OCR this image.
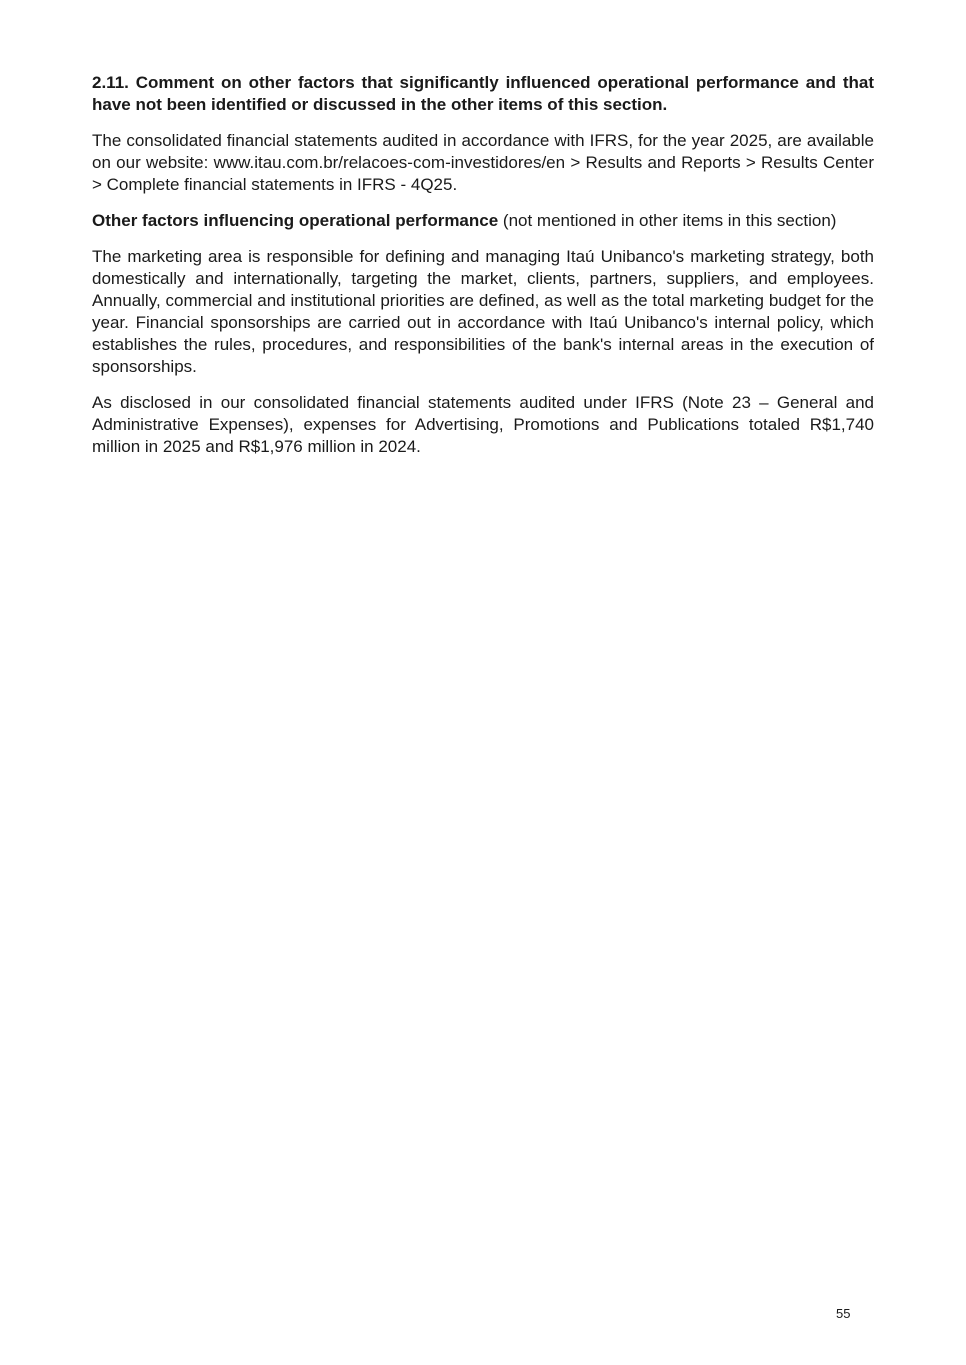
2.11. Comment on other factors that significantly influenced operational performance and that have not been identified or discussed in the other items of this section.

The consolidated financial statements audited in accordance with IFRS, for the year 2025, are available on our website: www.itau.com.br/relacoes-com-investidores/en > Results and Reports > Results Center > Complete financial statements in IFRS - 4Q25.

Other factors influencing operational performance (not mentioned in other items in this section)

The marketing area is responsible for defining and managing Itaú Unibanco's marketing strategy, both domestically and internationally, targeting the market, clients, partners, suppliers, and employees. Annually, commercial and institutional priorities are defined, as well as the total marketing budget for the year. Financial sponsorships are carried out in accordance with Itaú Unibanco's internal policy, which establishes the rules, procedures, and responsibilities of the bank's internal areas in the execution of sponsorships.

As disclosed in our consolidated financial statements audited under IFRS (Note 23 – General and Administrative Expenses), expenses for Advertising, Promotions and Publications totaled R$1,740 million in 2025 and R$1,976 million in 2024.

55
